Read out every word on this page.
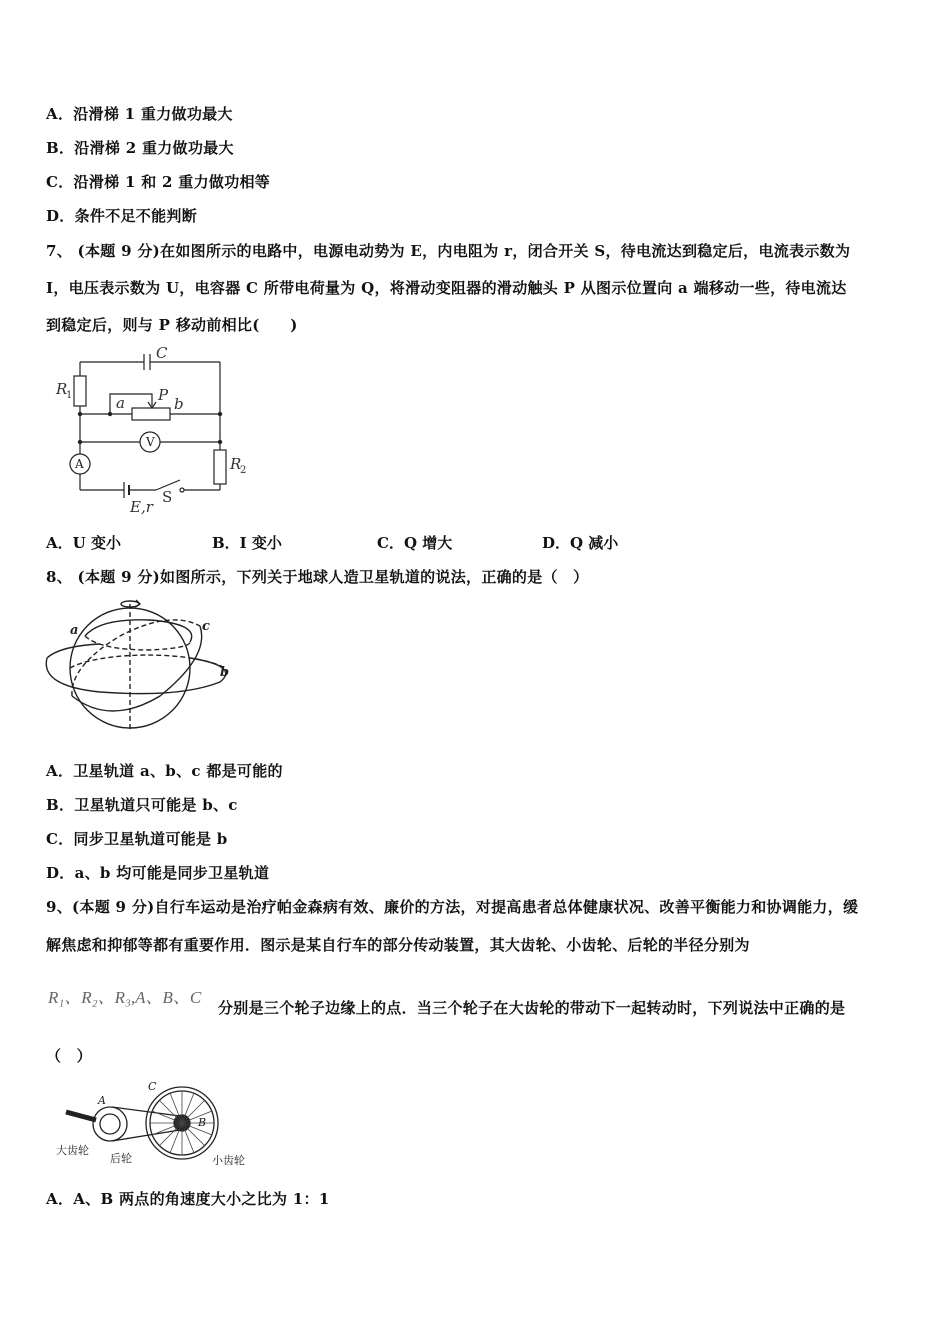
A．沿滑梯 1 重力做功最大
B．沿滑梯 2 重力做功最大
C．沿滑梯 1 和 2 重力做功相等
D．条件不足不能判断
7、 (本题 9 分)在如图所示的电路中，电源电动势为 E，内电阻为 r，闭合开关 S，待电流达到稳定后，电流表示数为
I，电压表示数为 U，电容器 C 所带电荷量为 Q，将滑动变阻器的滑动触头 P 从图示位置向 a 端移动一些，待电流达
到稳定后，则与 P 移动前相比(　　)
C
R
1	a P b
R
2
E,r
S
V
A
A．U 变小	B．I 变小	C．Q 增大	D．Q 减小
8、 (本题 9 分)如图所示，下列关于地球人造卫星轨道的说法，正确的是（　）
a
b
c
A．卫星轨道 a、b、c 都是可能的
B．卫星轨道只可能是 b、c
C．同步卫星轨道可能是 b
D．a、b 均可能是同步卫星轨道
9、(本题 9 分)自行车运动是治疗帕金森病有效、廉价的方法，对提高患者总体健康状况、改善平衡能力和协调能力，缓
解焦虑和抑郁等都有重要作用．图示是某自行车的部分传动装置，其大齿轮、小齿轮、后轮的半径分别为
R₁、R₂、R₃,A、B、C
分别是三个轮子边缘上的点．当三个轮子在大齿轮的带动下一起转动时，下列说法中正确的是
（　）
A
B
C
大齿轮
后轮	小齿轮
A．A、B 两点的角速度大小之比为 1：1
